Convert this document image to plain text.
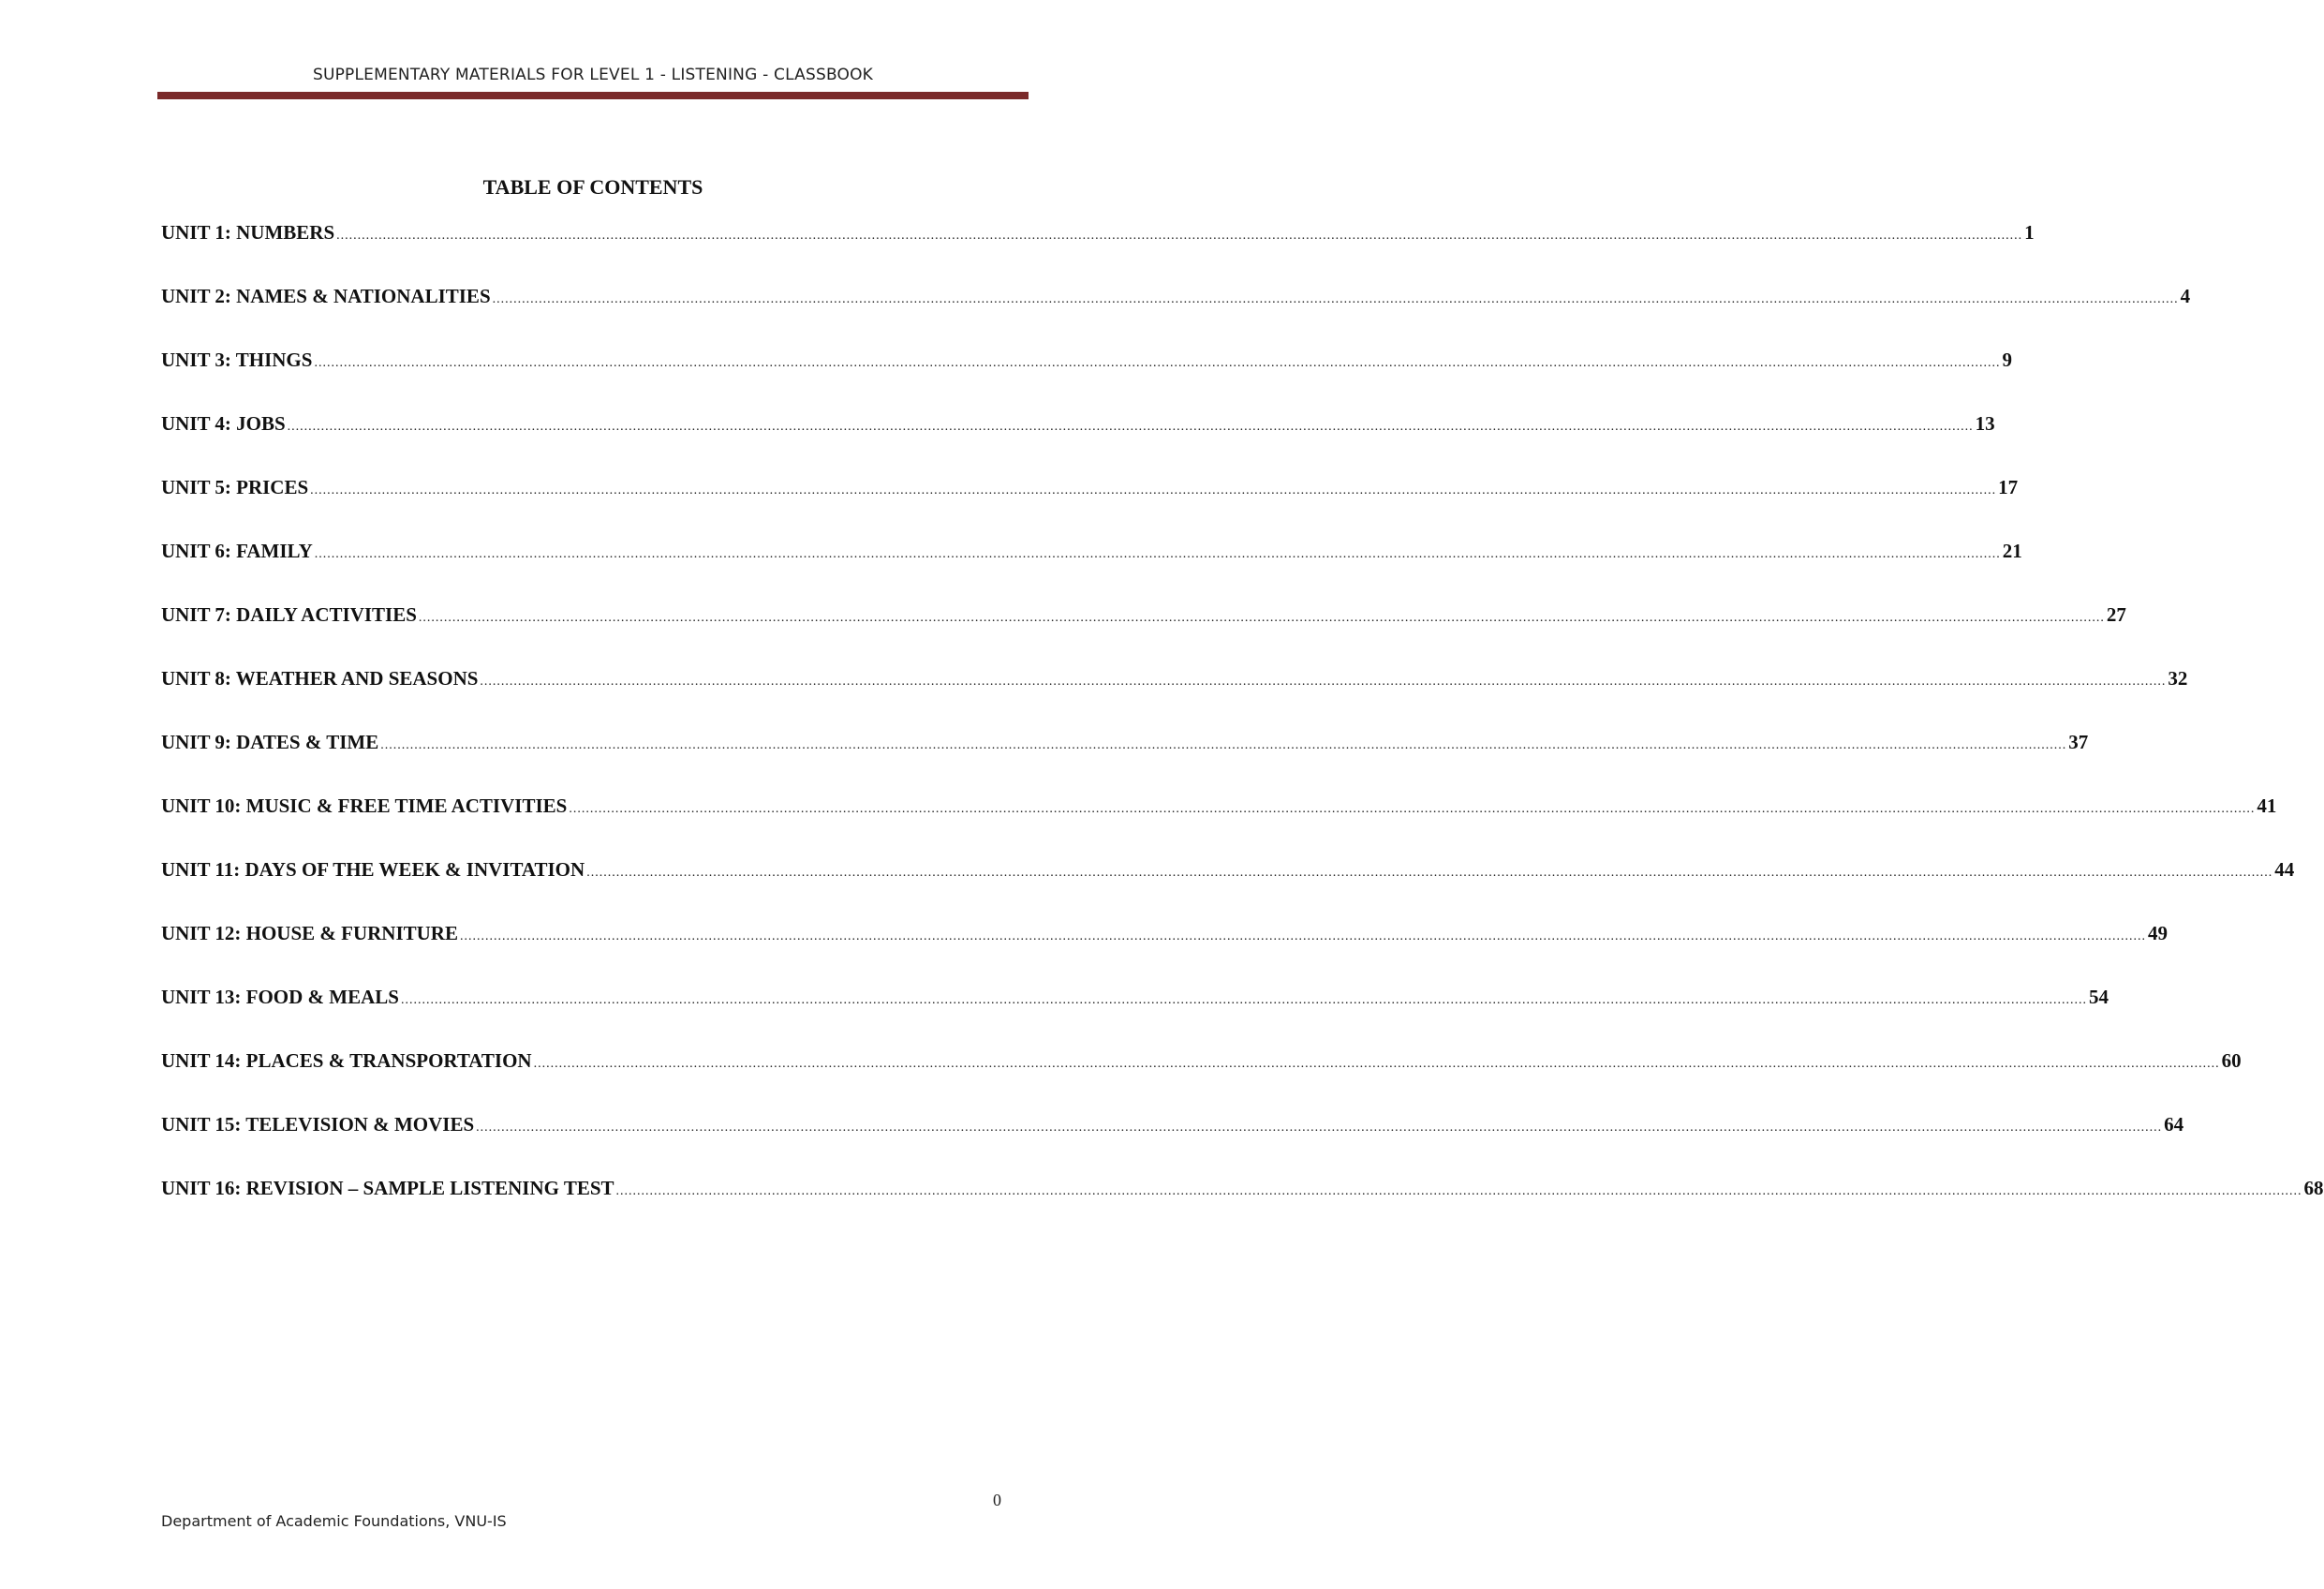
SUPPLEMENTARY MATERIALS FOR LEVEL 1 - LISTENING - CLASSBOOK
TABLE OF CONTENTS
UNIT 1: NUMBERS ................................................................................................................................................................................................................................................................................................................................................................................................................ 1
UNIT 2: NAMES & NATIONALITIES ................................................................................................................................................................................................................................................................................................................................................................................................................ 4
UNIT 3: THINGS ................................................................................................................................................................................................................................................................................................................................................................................................................ 9
UNIT 4: JOBS ................................................................................................................................................................................................................................................................................................................................................................................................................ 13
UNIT 5: PRICES ................................................................................................................................................................................................................................................................................................................................................................................................................ 17
UNIT 6: FAMILY ................................................................................................................................................................................................................................................................................................................................................................................................................ 21
UNIT 7: DAILY ACTIVITIES ................................................................................................................................................................................................................................................................................................................................................................................................................ 27
UNIT 8: WEATHER AND SEASONS ................................................................................................................................................................................................................................................................................................................................................................................................................ 32
UNIT 9: DATES & TIME ................................................................................................................................................................................................................................................................................................................................................................................................................ 37
UNIT 10: MUSIC & FREE TIME ACTIVITIES ................................................................................................................................................................................................................................................................................................................................................................................................................ 41
UNIT 11: DAYS OF THE WEEK & INVITATION ................................................................................................................................................................................................................................................................................................................................................................................................................ 44
UNIT 12: HOUSE & FURNITURE ................................................................................................................................................................................................................................................................................................................................................................................................................ 49
UNIT 13: FOOD & MEALS ................................................................................................................................................................................................................................................................................................................................................................................................................ 54
UNIT 14: PLACES & TRANSPORTATION ................................................................................................................................................................................................................................................................................................................................................................................................................ 60
UNIT 15: TELEVISION & MOVIES ................................................................................................................................................................................................................................................................................................................................................................................................................ 64
UNIT 16: REVISION – SAMPLE LISTENING TEST ................................................................................................................................................................................................................................................................................................................................................................................................................ 68
0
Department of Academic Foundations, VNU-IS
